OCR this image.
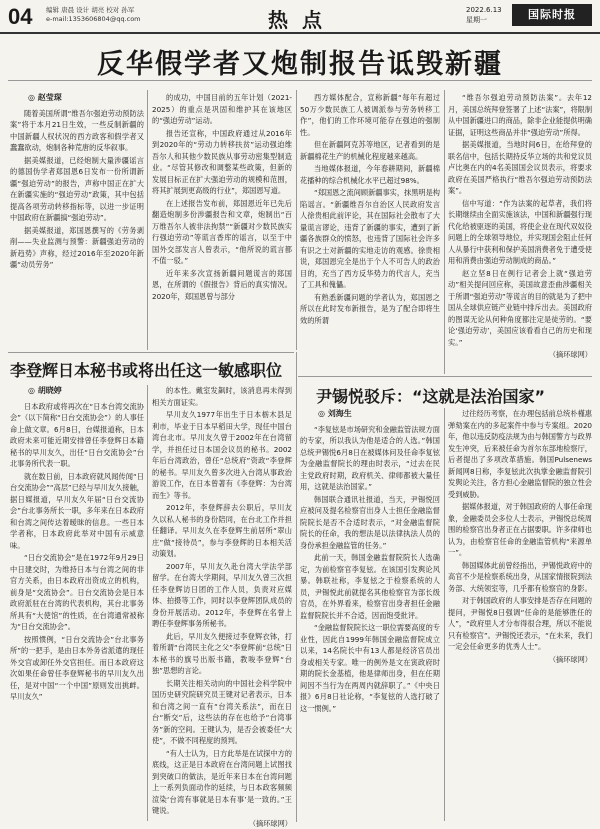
04 编辑 唐晨 设计 胡亮 校对 孙军
e-mail:1353606804@qq.com	热点	2022.6.13
星期一	国际时报
反华假学者又炮制报告诋毁新疆
◎ 赵莹琛

随着美国所谓“维吾尔强迫劳动预防法案”将于本月21日生效，一些反制新疆的中国新疆人权状况的西方政客和假学者又蠢蠢欲动，炮制各种荒唐的反华叙事。

据美媒报道，已经炮制大量涉疆谣言的德国伪学者郑国恩6日发布一份所谓新疆“强迫劳动”的报告，声称中国正在扩大在新疆实施的“强迫劳动”政策，其中包括提高各项劳动转移指标等，以进一步证明中国政府在新疆搞“强迫劳动”。

据美媒报道，郑国恩撰写的《劳务剥削——失业监测与预警：新疆强迫劳动的新趋势》声称，经过2016年至2020年新疆“动员劳务”

的成功，中国目前的五年计划（2021-2025）的重点是巩固和维护其在该地区的“强迫劳动”运动。

报告还宣称，中国政府通过从2016年到2020年的“劳动力转移扶贫”运动强迫维吾尔人和其他少数民族从事劳动密集型制造业。“尽管其修改和调整某些政策，但新的发展目标正在扩大强迫劳动的规模和范围，将其扩展到更高级的行业”，郑国恩写道。

在上述报告发布前，郑国恩近年已先后翻造炮制多份涉疆报告和文章，炮制出“百万维吾尔人被非法拘禁”“新疆对少数民族实行强迫劳动”等谎言香库的谣言，以至于中国外交部发言人曾表示，“他所说的谎言都不值一驳。”

近年来多次宣扬新疆问题谎言的郑国恩，在所谓的《假报告》背后的真实情况。2020年，郑国恩曾与部分

西方媒体配合，宣称新疆“每年有超过50万少数民族工人被调派参与劳务转移工作”，他们的工作环境可能存在强迫的强制性。

但在新疆阿克苏等地区，记者看到的是新疆棉花生产的机械化程度越来越高。

当地媒体报道，今年春耕期间，新疆棉花播种的综合机械化水平已超过98%。

“郑国恩之流间顾新疆事实，抹黑明是构陷谣言。“新疆维吾尔自治区人民政府发言人徐贵相此前评论，其在国际社会散布了大量谎言谬论，违背了新疆的事实，遭到了新疆各族群众的愤怒，也违背了国际社会许多有识之士对新疆的实地走访的观感。徐贵相说，郑国恩完全是出于个人不可告人的政治目的，充当了西方反华势力的代言人，充当了工具和傀儡。

有熟悉新疆问题的学者认为，郑国恩之所以在此时发布新报告，是为了配合即将生效的所谓

“维吾尔强迫劳动预防法案”。去年12月，美国总统拜登签署了上述“法案”，将限制从中国新疆进口的商品，除非企业能提供明确证据，证明这些商品并非“强迫劳动”所得。

据美媒报道，当地时间6日，在给拜登的联名信中，包括长期持反华立场的共和党议员卢比奥在内的4名美国国会议员表示，将要求政府在美国严格执行“维吾尔强迫劳动预防法案”。

信中写道：“作为法案的起草者，我们将长期继续由全面实施该法，中国和新疆强行现代化给被驱逐的美国，将使企业在现代双奴役问题上的全球领导地位，并实现国会阻止任何人从暴行中获利和保护美国消费者免于遭受使用和消费由强迫劳动制成的商品。”

赵立坚8日在例行记者会上就“强迫劳动”相关提问回应称，美国故意歪曲涉疆相关于所谓“强迫劳动”等谎言的目的就是为了把中国从全球供应链产业链中排斥出去。美国政府的图谋无论从何种角度都注定是徒劳的。“要论‘强迫劳动’，美国应该看看自己的历史和现实。”

（摘环球网）

李登辉日本秘书或将出任这一敏感职位
◎ 胡晓婷

日本政府或将再次在“日本台湾交流协会”（以下简称“日台交流协会”）的人事任命上做文章。6月8日，台媒报道称，日本政府未来可能近期安排曾任李登辉日本籍秘书的早川友久，出任“日台交流协会”台北事务所代表一职。

就在数日前，日本政府就风闻传闻“日台交流协会”“高层”已经与早川友久接触，据日媒报道，早川友久年届“日台交流协会”台北事务所长一职，多年来在日本政府和台湾之间传达着暧昧的信息。一些日本学者称，日本政府此举对中国有示威意味。

“日台交流协会”是在1972年9月29日中日建交时，为维持日本与台湾之间的非官方关系，由日本政府出资成立的机构，前身是“交流协会”。日台交流协会是日本政府派驻在台湾的代表机构，其台北事务所具有“大使馆”的性质，在台湾通常被称为“日台交流协会”。

按照惯例，“日台交流协会”台北事务所”的一把手，是由日本外务省派遣的现任外交官或卸任外交官担任。而日本政府这次如果任命曾任李登辉秘书的早川友久出任，是对中国“一个中国”原则发出挑衅。早川友久”

的本性。戴室发飙时，该消息再未得到相关方面证实。

早川友久1977年出生于日本栃木县足利市，毕业于日本早稻田大学，现任中国台湾台北市。早川友久曾于2002年在台湾留学，并担任过日本国会议员的秘书。2002年后台湾政治，曾任“总统府”资政“李登辉的秘书。早川友久曾多次进入台湾从事政治游说工作，在日本曾著有《李登辉：为台湾而生》等书。

2012年，李登辉辞去公职后，早川友久以私人秘书的身份陪同，在台北工作并担任翻译。早川友久在李登辉生前居所“翠山庄”做“接待员”，参与李登辉的日本相关活动策划。

2007年，早川友久赴台湾大学法学部留学。在台湾大学期间，早川友久曾三次担任李登辉访日团的工作人员，负责对应媒体、拍摄等工作，同时以李登辉团队成员的身份开展活动。2012年，李登辉在名誉上聘任李登辉事务所秘书。

此后，早川友久便接过李登辉衣钵，打着所谓“台湾民主化之父”李登辉前“总统”日本秘书的旗号出版书籍，教唆李登辉“台独”思想的言论。

长期关注相关动向的中国社会科学院中国历史研究院研究员王键对记者表示，日本和台湾之间一直有“台湾关系法”，而在日台“断交”后，这些法的存在也给予“台湾事务”新的空间。王键认为，是否会被委任“大使”，不做不同程度的预判。

“有人士认为，日方此举是在试探中方的底线，这正是日本政府在台湾问题上试图找到突破口的做法，是近年来日本在台湾问题上一系列负面动作的延续，与日本政客频频渲染‘台湾有事就是日本有事’是一致的。”王键说。

（摘环球网）

尹锡悦驳斥：“这就是法治国家”
◎ 刘海生

“李复铉是市场研究和金融监管法规方面的专家，所以我认为他是适合的人选。”韩国总统尹锡悦6月8日在被媒体问及任命李复铉为金融监督院长的理由时表示，“过去在民主党政府时期，政府机关、律师都被大量任用，这就是法治国家。”

韩国联合通讯社报道，当天，尹锡悦回应被问及提名检察官出身人士担任金融监督院院长是否不合适时表示，“对金融监督院院长的任命，我的想法是以法律执法人员的身份承担金融监管的任务。”

此前一天，韩国金融监督院院长人选确定，为前检察官李复铉。在该国引发舆论风暴。韩联社称，李复铉之于检察系统的人员，尹锡悦此前就提名其他检察官为部长级官员，在外界看来，检察官出身者担任金融监督院院长并不合适，因而饱受批评。

“金融监督院院长这一职位需要高度的专业性，因此自1999年韩国金融监督院成立以来，14名院长中有13人都是经济官员出身或相关专家。唯一的例外是文在寅政府时期的院长金基植，他是律师出身，但在任期间因不当行为在两周内就辞职了。”《中央日报》6月8日社论称，“李复铉的人选打破了这一惯例。”

过往经历考察，在办理包括前总统朴槿惠弹劾案在内的多起案件中参与专案组。2020年，他以违反防疫法规为由与韩国警方与政界发生冲突，后来被任命为首尔东部地检察厅，后者提出了多项改革措施。韩国Pulsenews新闻网8日称，李复铉此次执掌金融监督院引发舆论关注，各方担心金融监督院的独立性会受到威胁。

据媒体报道，对于韩国政府的人事任命现象，金融委员会多位人士表示，尹锡悦总统周围的检察官出身者正在占据要职。许多律师也认为，由检察官任命的金融监管机构“来源单一”。

韩国媒体此前曾经指出，尹锡悦政府中的高官不少是检察系统出身，从国家情报院到法务部、大统领室等，几乎都有检察官的身影。

对于韩国政府的人事安排是否存在问题的提问，尹锡悦8日强调“任命的是能够胜任的人”，“政府里人才分布得很合理，所以不能说只有检察官”。尹锡悦还表示，“在未来，我们一定会任命更多的优秀人士”。

（摘环球网）
